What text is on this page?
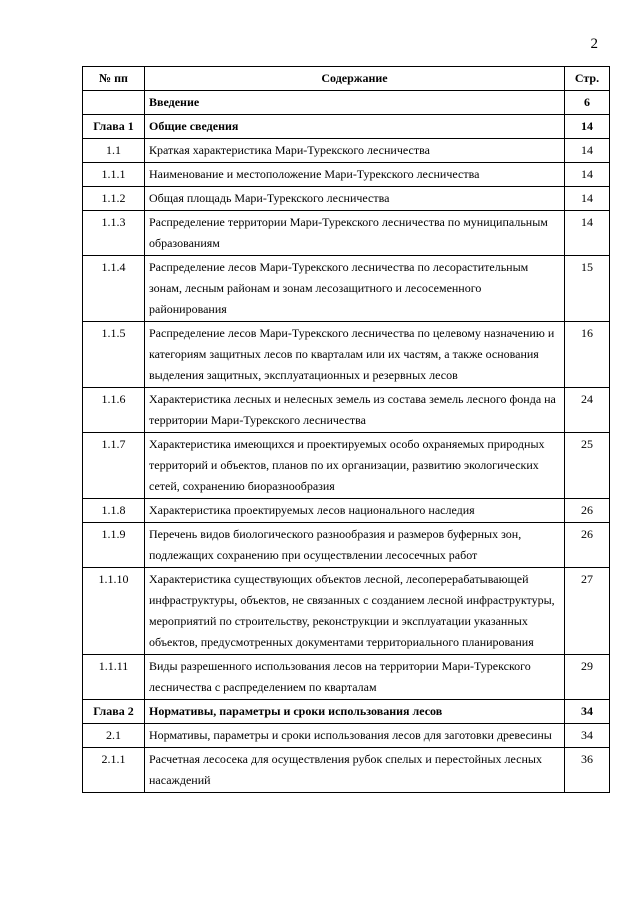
2
№ пп	Содержание	Стр.
	Введение	6
Глава 1	Общие сведения	14
1.1	Краткая характеристика Мари-Турекского лесничества	14
1.1.1	Наименование и местоположение Мари-Турекского лесничества	14
1.1.2	Общая площадь Мари-Турекского лесничества	14
1.1.3	Распределение территории Мари-Турекского лесничества по муниципальным образованиям	14
1.1.4	Распределение лесов Мари-Турекского лесничества по лесорастительным зонам, лесным районам и зонам лесозащитного и лесосеменного районирования	15
1.1.5	Распределение лесов Мари-Турекского лесничества по целевому назначению и категориям защитных лесов по кварталам или их частям, а также основания выделения защитных, эксплуатационных и резервных лесов	16
1.1.6	Характеристика лесных и нелесных земель из состава земель лесного фонда на территории Мари-Турекского лесничества	24
1.1.7	Характеристика имеющихся и проектируемых особо охраняемых природных территорий и объектов, планов по их организации, развитию экологических сетей, сохранению биоразнообразия	25
1.1.8	Характеристика проектируемых лесов национального наследия	26
1.1.9	Перечень видов биологического разнообразия и размеров буферных зон, подлежащих сохранению при осуществлении лесосечных работ	26
1.1.10	Характеристика существующих объектов лесной, лесоперерабатывающей инфраструктуры, объектов, не связанных с созданием лесной инфраструктуры, мероприятий по строительству, реконструкции и эксплуатации указанных объектов, предусмотренных документами территориального планирования	27
1.1.11	Виды разрешенного использования лесов на территории Мари-Турекского лесничества с распределением по кварталам	29
Глава 2	Нормативы, параметры и сроки использования лесов	34
2.1	Нормативы, параметры и сроки использования лесов для заготовки древесины	34
2.1.1	Расчетная лесосека для осуществления рубок спелых и перестойных лесных насаждений	36
